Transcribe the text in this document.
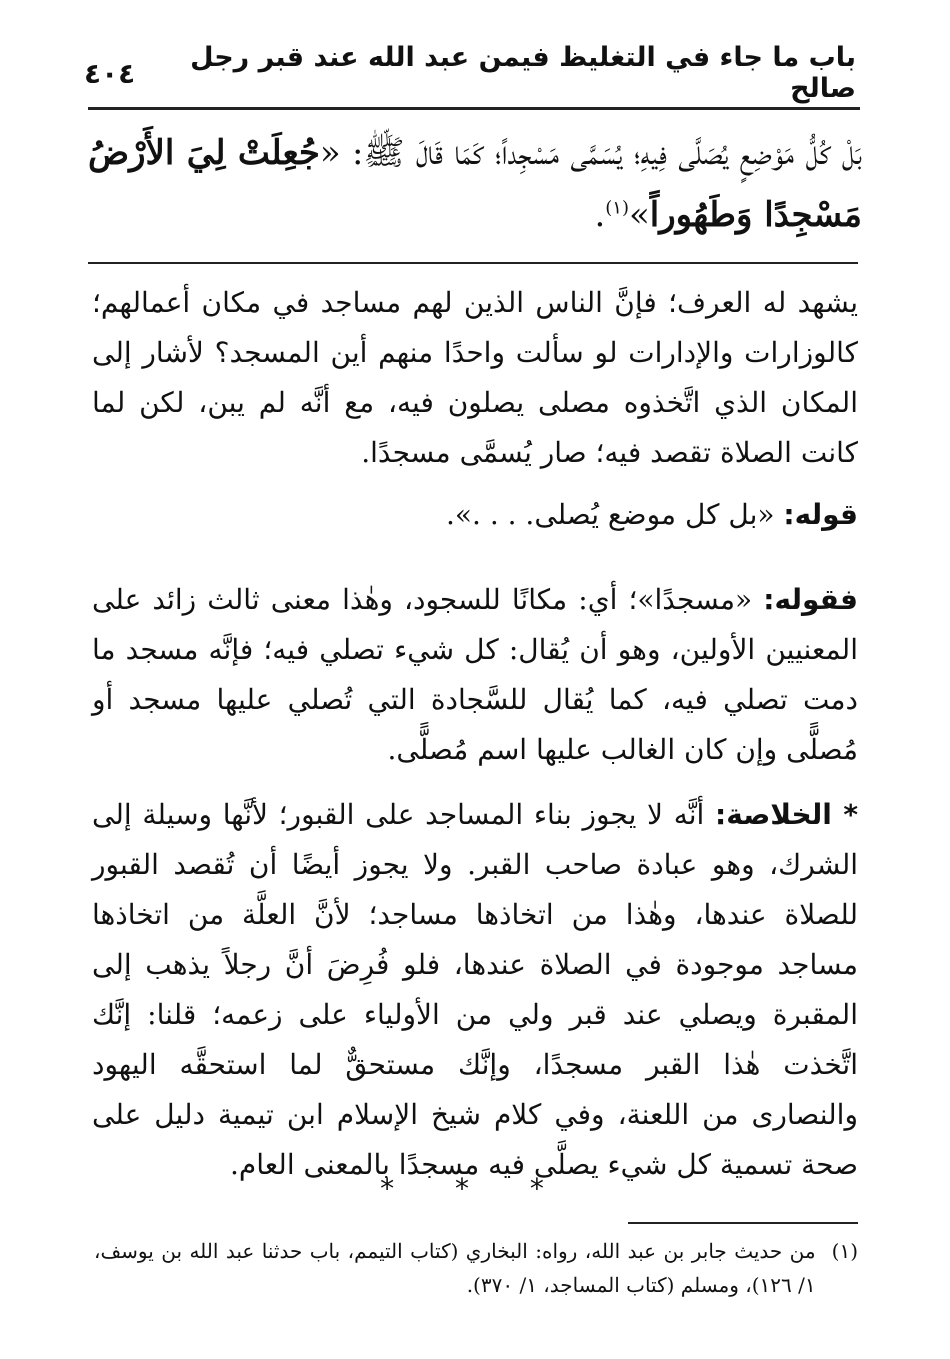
باب ما جاء في التغليظ فيمن عبد الله عند قبر رجل صالح
٤٠٤
بَلْ كُلُّ مَوْضِعٍ يُصَلَّى فِيهِ؛ يُسَمَّى مَسْجِداً؛ كَمَا قَالَ ﷺ: «جُعِلَتْ لِيَ الأَرْضُ مَسْجِدًا وَطَهُوراً»$^{(١)}$.
يشهد له العرف؛ فإنَّ الناس الذين لهم مساجد في مكان أعمالهم؛ كالوزارات والإدارات لو سألت واحدًا منهم أين المسجد؟ لأشار إلى المكان الذي اتَّخذوه مصلى يصلون فيه، مع أنَّه لم يبن، لكن لما كانت الصلاة تقصد فيه؛ صار يُسمَّى مسجدًا.
قوله: «بل كل موضع يُصلى. . . .».
فقوله: «مسجدًا»؛ أي: مكانًا للسجود، وهٰذا معنى ثالث زائد على المعنيين الأولين، وهو أن يُقال: كل شيء تصلي فيه؛ فإنَّه مسجد ما دمت تصلي فيه، كما يُقال للسَّجادة التي تُصلي عليها مسجد أو مُصلًّى وإن كان الغالب عليها اسم مُصلًّى.
* الخلاصة: أنَّه لا يجوز بناء المساجد على القبور؛ لأنَّها وسيلة إلى الشرك، وهو عبادة صاحب القبر. ولا يجوز أيضًا أن تُقصد القبور للصلاة عندها، وهٰذا من اتخاذها مساجد؛ لأنَّ العلَّة من اتخاذها مساجد موجودة في الصلاة عندها، فلو فُرِضَ أنَّ رجلاً يذهب إلى المقبرة ويصلي عند قبر ولي من الأولياء على زعمه؛ قلنا: إنَّك اتَّخذت هٰذا القبر مسجدًا، وإنَّك مستحقٌّ لما استحقَّه اليهود والنصارى من اللعنة، وفي كلام شيخ الإسلام ابن تيمية دليل على صحة تسمية كل شيء يصلَّى فيه مسجدًا بالمعنى العام.
* * *
(١)
من حديث جابر بن عبد الله، رواه: البخاري (كتاب التيمم، باب حدثنا عبد الله بن يوسف، ١/ ١٢٦)، ومسلم (كتاب المساجد، ١/ ٣٧٠).
